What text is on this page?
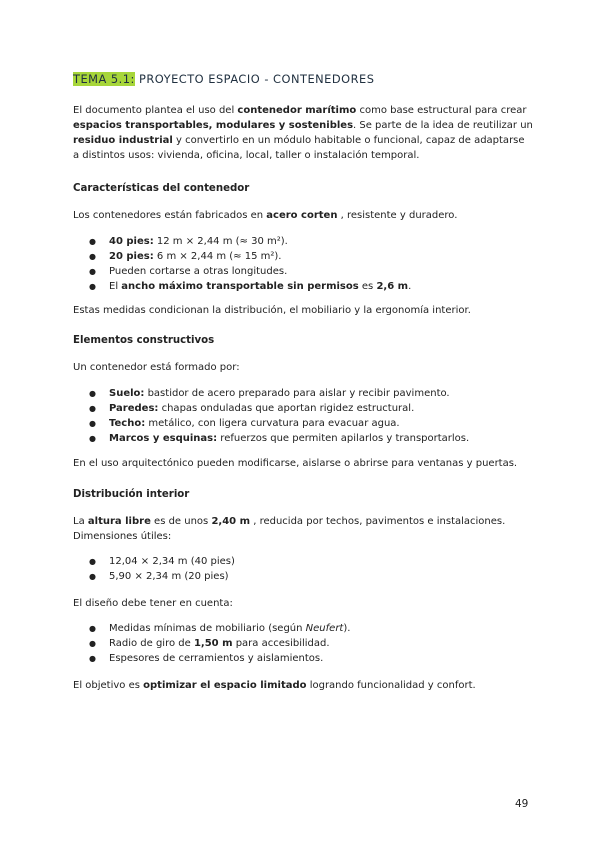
TEMA 5.1: PROYECTO ESPACIO - CONTENEDORES

El documento plantea el uso del contenedor marítimo como base estructural para crear espacios transportables, modulares y sostenibles. Se parte de la idea de reutilizar un residuo industrial y convertirlo en un módulo habitable o funcional, capaz de adaptarse a distintos usos: vivienda, oficina, local, taller o instalación temporal.

Características del contenedor

Los contenedores están fabricados en acero corten , resistente y duradero.

● 40 pies: 12 m × 2,44 m (≈ 30 m²).
● 20 pies: 6 m × 2,44 m (≈ 15 m²).
● Pueden cortarse a otras longitudes.
● El ancho máximo transportable sin permisos es 2,6 m.

Estas medidas condicionan la distribución, el mobiliario y la ergonomía interior.

Elementos constructivos

Un contenedor está formado por:

● Suelo: bastidor de acero preparado para aislar y recibir pavimento.
● Paredes: chapas onduladas que aportan rigidez estructural.
● Techo: metálico, con ligera curvatura para evacuar agua.
● Marcos y esquinas: refuerzos que permiten apilarlos y transportarlos.

En el uso arquitectónico pueden modificarse, aislarse o abrirse para ventanas y puertas.

Distribución interior

La altura libre es de unos 2,40 m , reducida por techos, pavimentos e instalaciones. Dimensiones útiles:

● 12,04 × 2,34 m (40 pies)
● 5,90 × 2,34 m (20 pies)

El diseño debe tener en cuenta:

● Medidas mínimas de mobiliario (según Neufert).
● Radio de giro de 1,50 m para accesibilidad.
● Espesores de cerramientos y aislamientos.

El objetivo es optimizar el espacio limitado logrando funcionalidad y confort.

49
